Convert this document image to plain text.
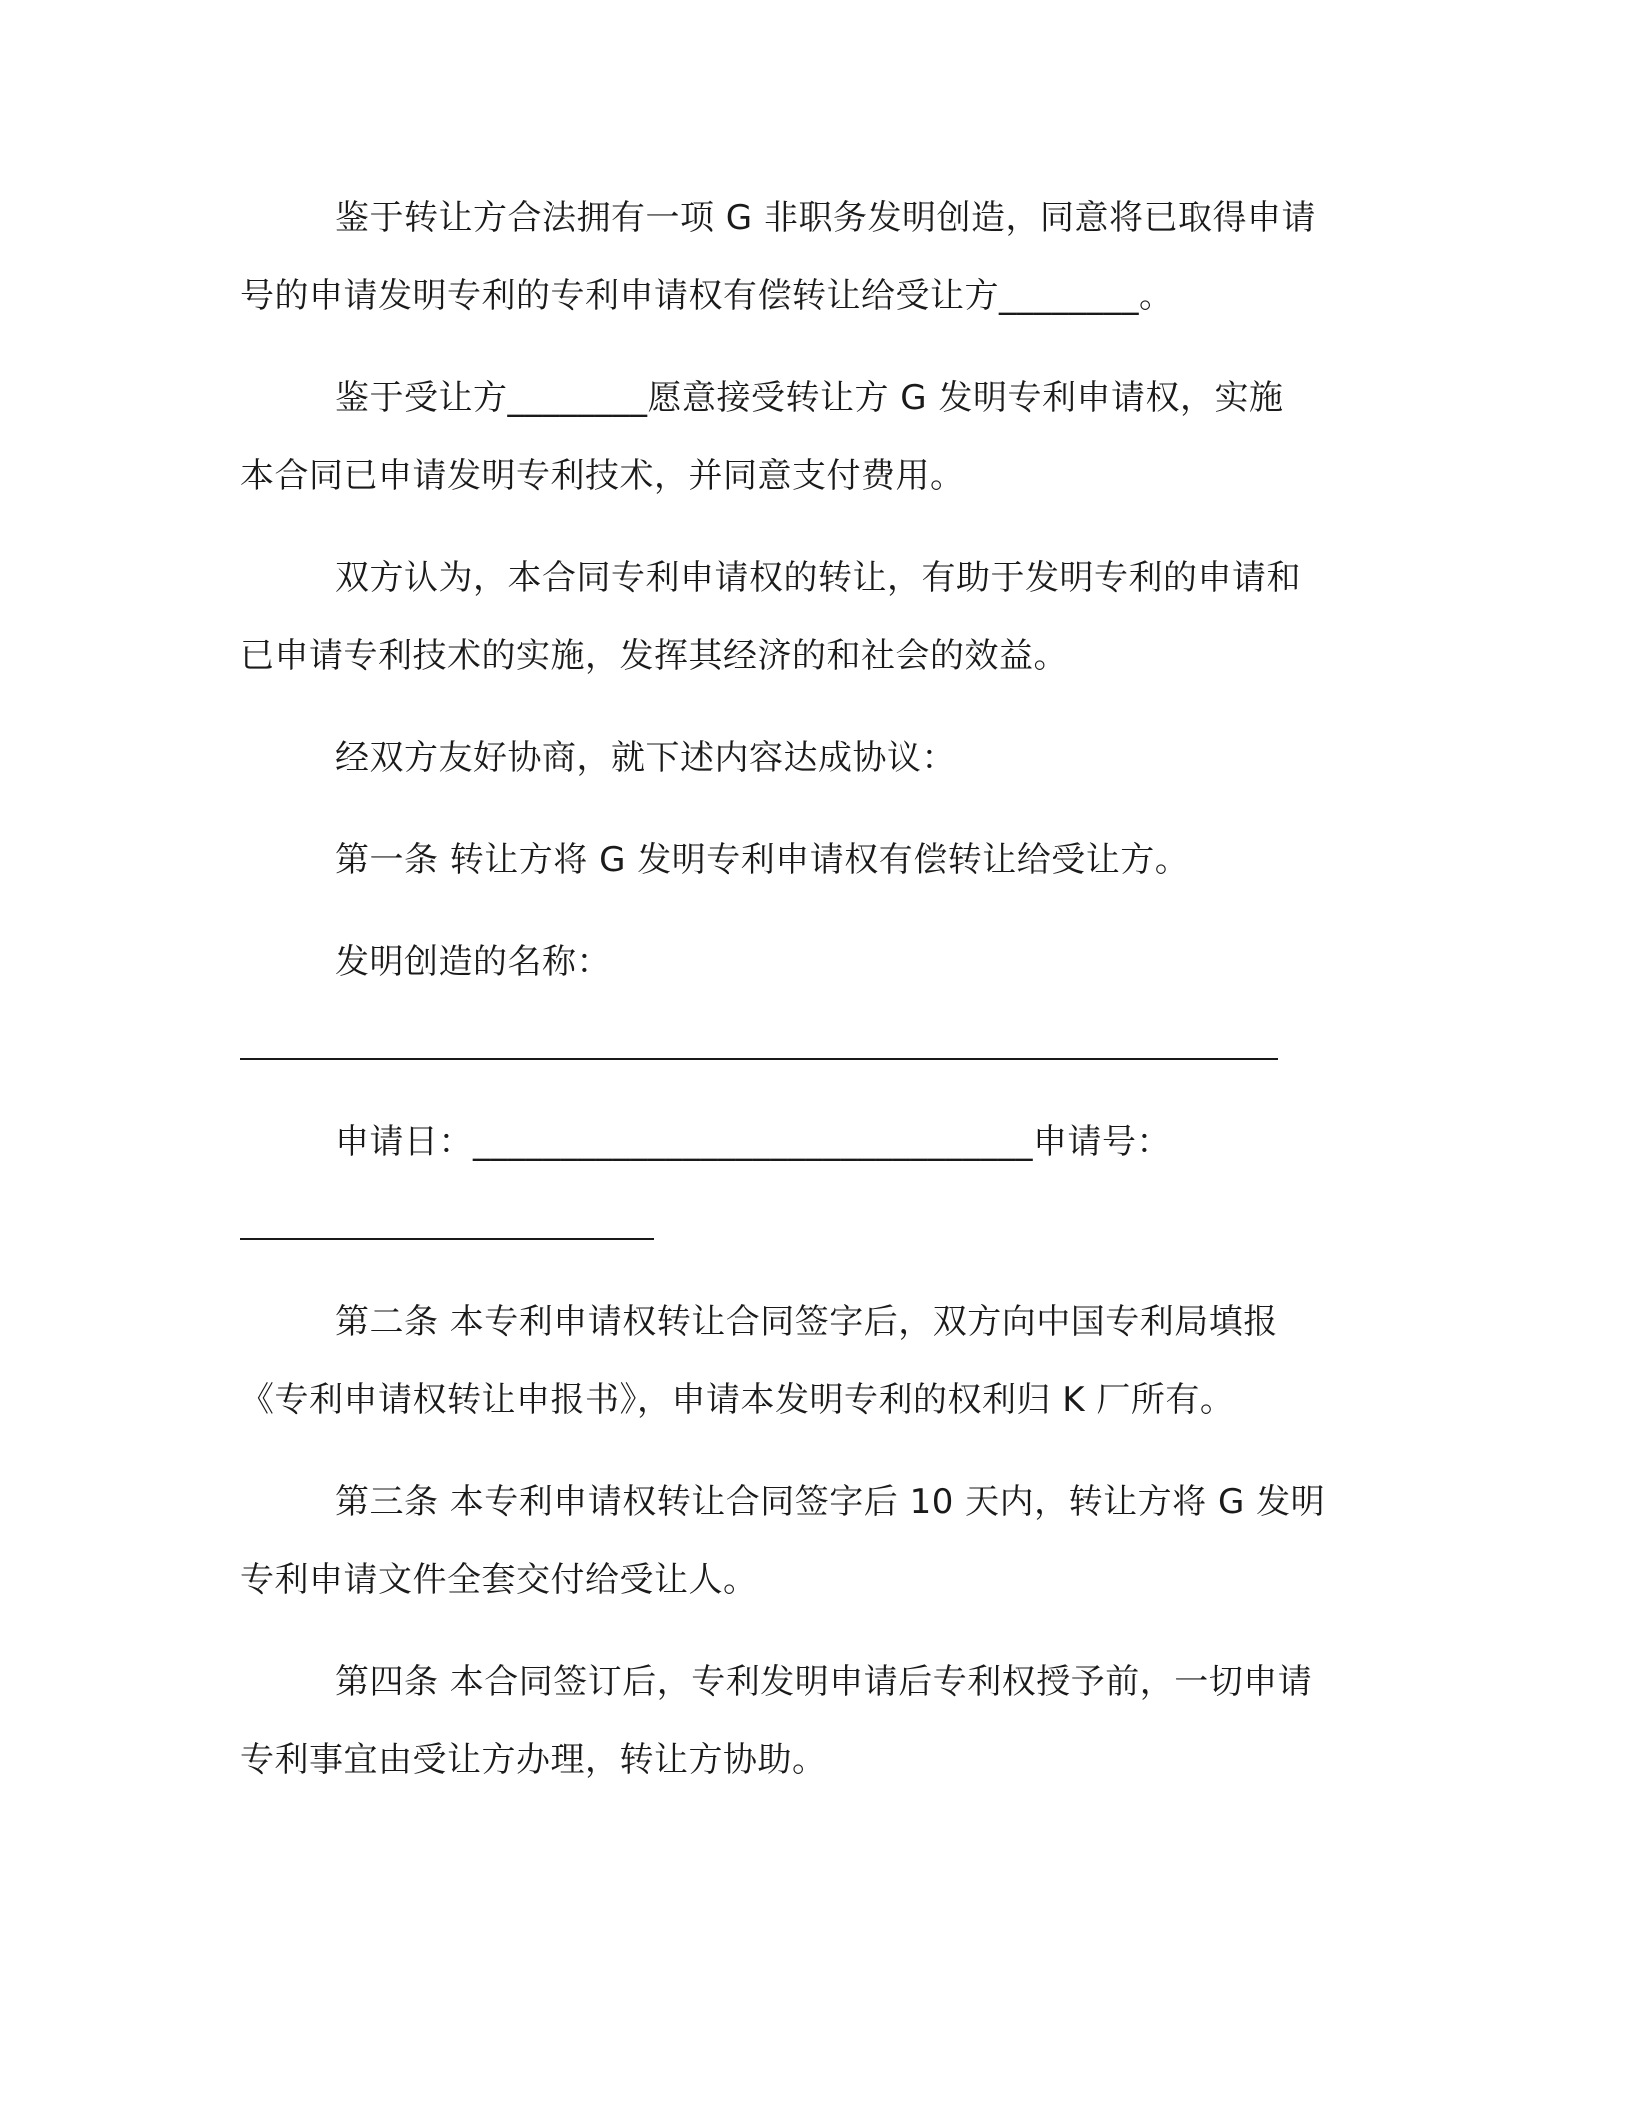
鉴于转让方合法拥有一项 G 非职务发明创造，同意将已取得申请
号的申请发明专利的专利申请权有偿转让给受让方________。
鉴于受让方________愿意接受转让方 G 发明专利申请权，实施
本合同已申请发明专利技术，并同意支付费用。
双方认为，本合同专利申请权的转让，有助于发明专利的申请和
已申请专利技术的实施，发挥其经济的和社会的效益。
经双方友好协商，就下述内容达成协议：
第一条 转让方将 G 发明专利申请权有偿转让给受让方。
发明创造的名称：
申请日：________________________________申请号：
第二条 本专利申请权转让合同签字后，双方向中国专利局填报
《专利申请权转让申报书》，申请本发明专利的权利归 K 厂所有。
第三条 本专利申请权转让合同签字后 10 天内，转让方将 G 发明
专利申请文件全套交付给受让人。
第四条 本合同签订后，专利发明申请后专利权授予前，一切申请
专利事宜由受让方办理，转让方协助。
